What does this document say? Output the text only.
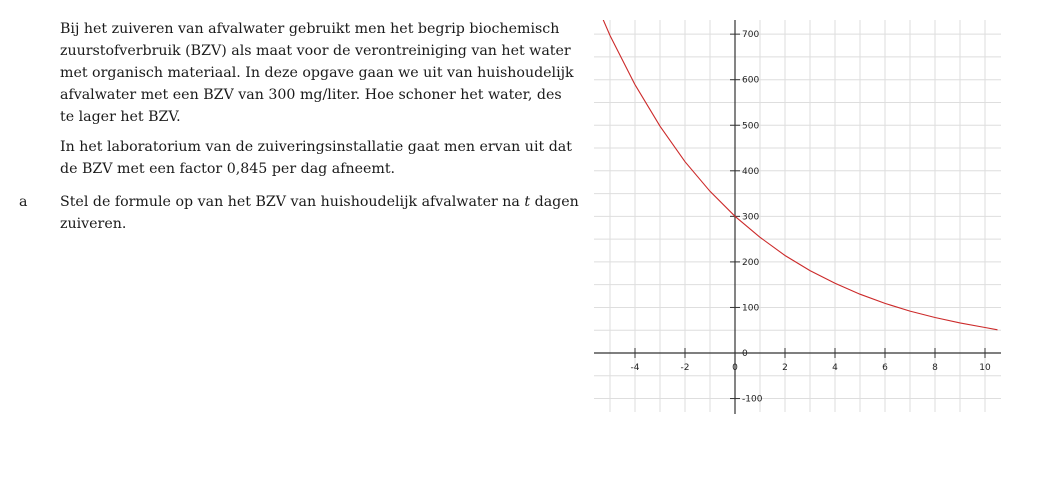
Bij het zuiveren van afvalwater gebruikt men het begrip biochemisch zuurstofverbruik (BZV) als maat voor de verontreiniging van het water met organisch materiaal. In deze opgave gaan we uit van huishoudelijk afvalwater met een BZV van 300 mg/liter. Hoe schoner het water, des te lager het BZV.

In het laboratorium van de zuiveringsinstallatie gaat men ervan uit dat de BZV met een factor 0,845 per dag afneemt.

a Stel de formule op van het BZV van huishoudelijk afvalwater na t dagen zuiveren.

-4	-2	0	2	4	6	8	10
700
600
500
400
300
200
100
0
-100
